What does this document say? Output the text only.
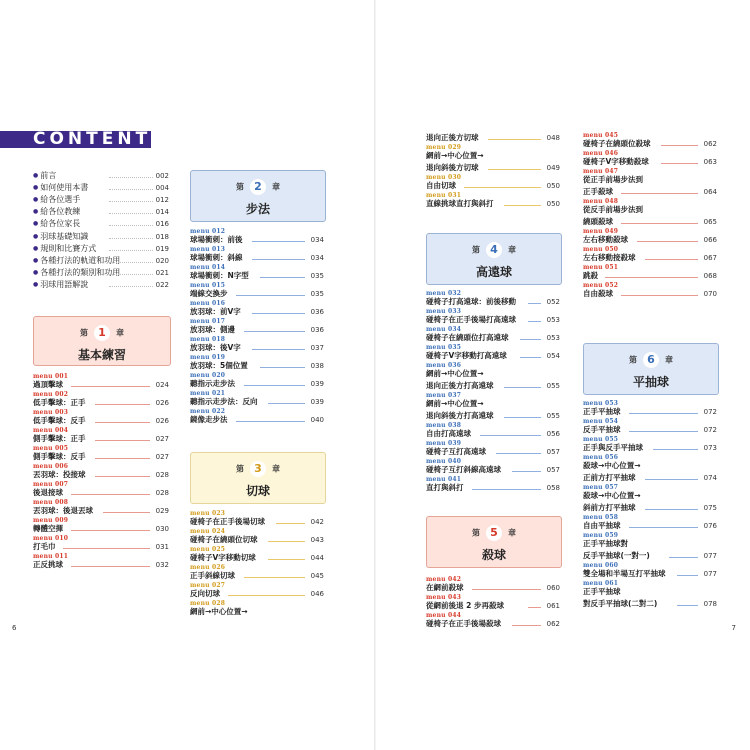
CONTENTS
● 前言	002
● 如何使用本書	004
● 給各位選手	012
● 給各位教練	014
● 給各位家長	016
● 羽球基礎知識	018
● 規則和比賽方式	019
● 各種打法的軌道和功用	020
● 各種打法的類別和功用	021
● 羽球用語解說	022
6	7
第 1 章
基本練習
menu 001
過頂擊球	024
menu 002
低手擊球：正手	026
menu 003
低手擊球：反手	026
menu 004
側手擊球：正手	027
menu 005
側手擊球：反手	027
menu 006
丟羽球：投接球	028
menu 007
後退接球	028
menu 008
丟羽球：後退丟球	029
menu 009
轉體空揮	030
menu 010
打毛巾	031
menu 011
正反挑球	032
第 2 章
步法
menu 012
球場衝刺：前後	034
menu 013
球場衝刺：斜線	034
menu 014
球場衝刺：N字型	035
menu 015
端線交換步	035
menu 016
放羽球：前V字	036
menu 017
放羽球：側邊	036
menu 018
放羽球：後V字	037
menu 019
放羽球：5個位置	038
menu 020
聽指示走步法	039
menu 021
聽指示走步法：反向	039
menu 022
鏡像走步法	040
第 3 章
切球
menu 023
碰椅子在正手後場切球	042
menu 024
碰椅子在繞頭位切球	043
menu 025
碰椅子V字移動切球	044
menu 026
正手斜線切球	045
menu 027
反向切球	046
menu 028
網前→中心位置→
退向正後方切球	048
menu 029
網前→中心位置→
退向斜後方切球	049
menu 030
自由切球	050
menu 031
直線挑球直打與斜打	050
第 4 章
高遠球
menu 032
碰椅子打高遠球：前後移動	052
menu 033
碰椅子在正手後場打高遠球	053
menu 034
碰椅子在繞頭位打高遠球	053
menu 035
碰椅子V字移動打高遠球	054
menu 036
網前→中心位置→
退向正後方打高遠球	055
menu 037
網前→中心位置→
退向斜後方打高遠球	055
menu 038
自由打高遠球	056
menu 039
碰椅子互打高遠球	057
menu 040
碰椅子互打斜線高遠球	057
menu 041
直打與斜打	058
第 5 章
殺球
menu 042
在網前殺球	060
menu 043
從網前後退 2 步再殺球	061
menu 044
碰椅子在正手後場殺球	062
menu 045
碰椅子在繞頭位殺球	062
menu 046
碰椅子V字移動殺球	063
menu 047
從正手前場步法到
正手殺球	064
menu 048
從反手前場步法到
繞頭殺球	065
menu 049
左右移動殺球	066
menu 050
左右移動接殺球	067
menu 051
跳殺	068
menu 052
自由殺球	070
第 6 章
平抽球
menu 053
正手平抽球	072
menu 054
反手平抽球	072
menu 055
正手與反手平抽球	073
menu 056
殺球→中心位置→
正前方打平抽球	074
menu 057
殺球→中心位置→
斜前方打平抽球	075
menu 058
自由平抽球	076
menu 059
正手平抽球對
反手平抽球(一對一)	077
menu 060
雙全場和半場互打平抽球	077
menu 061
正手平抽球
對反手平抽球(二對二)	078
